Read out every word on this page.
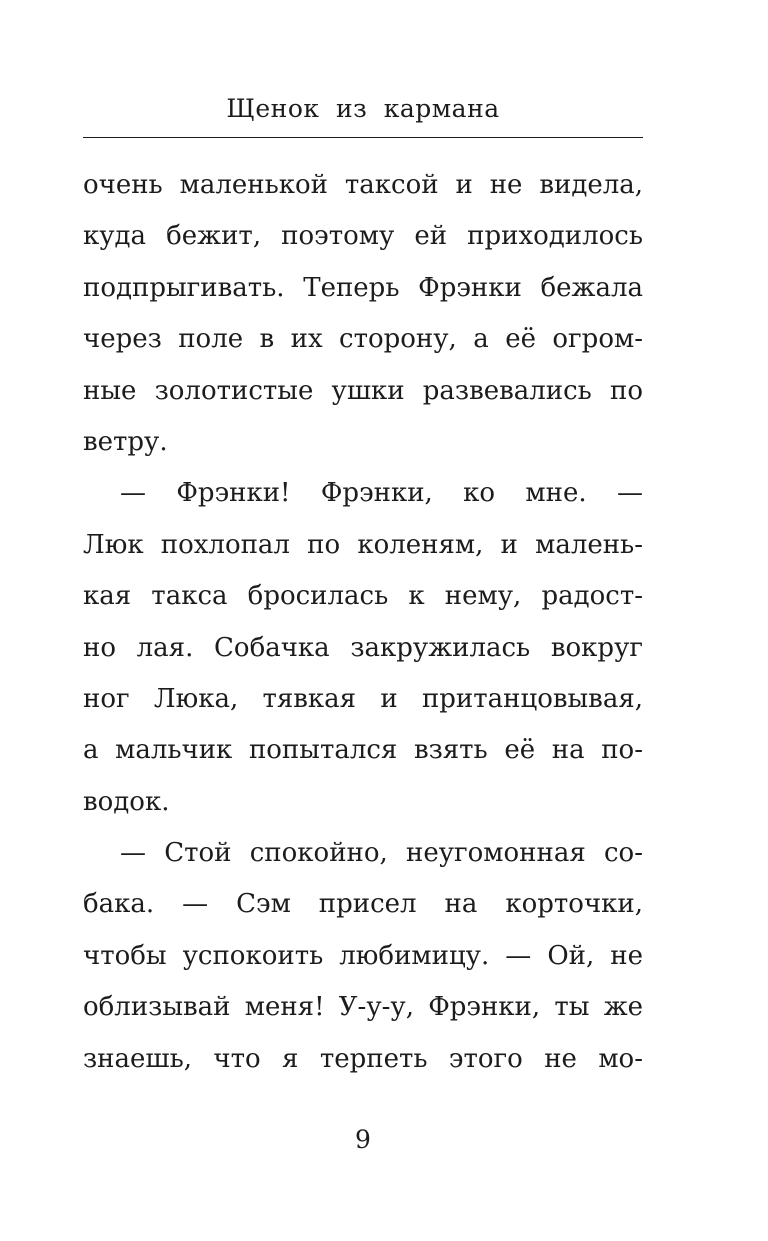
Щенок из кармана
очень маленькой таксой и не видела,
куда бежит, поэтому ей приходилось
подпрыгивать. Теперь Фрэнки бежала
через поле в их сторону, а её огром-
ные золотистые ушки развевались по
ветру.
— Фрэнки! Фрэнки, ко мне. —
Люк похлопал по коленям, и малень-
кая такса бросилась к нему, радост-
но лая. Собачка закружилась вокруг
ног Люка, тявкая и пританцовывая,
а мальчик попытался взять её на по-
водок.
— Стой спокойно, неугомонная со-
бака. — Сэм присел на корточки,
чтобы успокоить любимицу. — Ой, не
облизывай меня! У-у-у, Фрэнки, ты же
знаешь, что я терпеть этого не мо-
9
